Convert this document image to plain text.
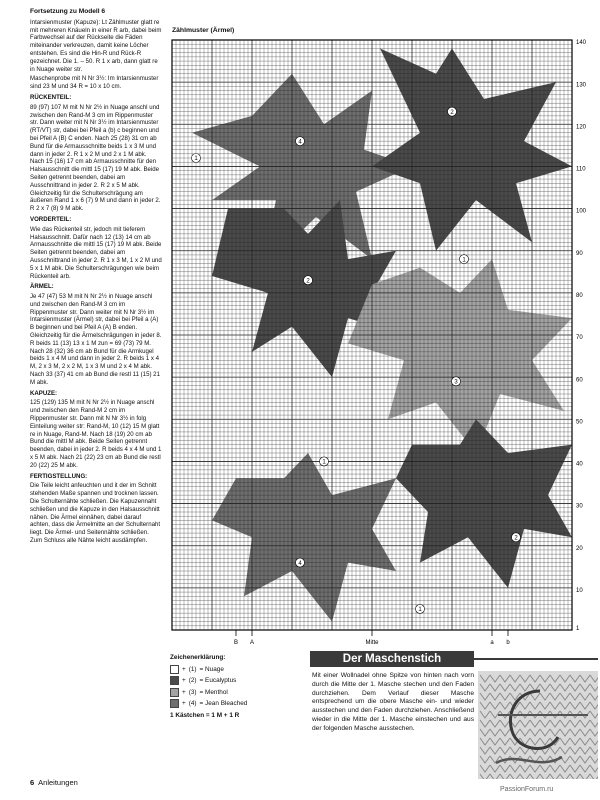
Fortsetzung zu Modell 6

Intarsienmuster (Kapuze): Lt Zählmuster glatt re mit mehreren Knäueln in einer R arb, dabei beim Farbwechsel auf der Rückseite die Fäden miteinander verkreuzen, damit keine Löcher entstehen. Es sind die Hin-R und Rück-R gezeichnet. Die 1. – 50. R 1 x arb, dann glatt re in Nuage weiter str.

Maschenprobe mit N Nr 3½: Im Intarsienmuster sind 23 M und 34 R = 10 x 10 cm.

RÜCKENTEIL:

89 (97) 107 M mit N Nr 2½ in Nuage anschl und zwischen den Rand-M 3 cm im Rippenmuster str. Dann weiter mit N Nr 3½ im Intarsienmuster (RT/VT) str, dabei bei Pfeil a (b) c beginnen und bei Pfeil A (B) C enden. Nach 25 (28) 31 cm ab Bund für die Armausschnitte beids 1 x 3 M und dann in jeder 2. R 1 x 2 M und 2 x 1 M abk. Nach 15 (16) 17 cm ab Armausschnitte für den Halsausschnitt die mittl 15 (17) 19 M abk. Beide Seiten getrennt beenden, dabei am Ausschnittrand in jeder 2. R 2 x 5 M abk. Gleichzeitig für die Schulterschrägung am äußeren Rand 1 x 6 (7) 9 M und dann in jeder 2. R 2 x 7 (8) 9 M abk.

VORDERTEIL:

Wie das Rückenteil str, jedoch mit tieferem Halsausschnitt. Dafür nach 12 (13) 14 cm ab Armausschnitte die mittl 15 (17) 19 M abk. Beide Seiten getrennt beenden, dabei am Ausschnittrand in jeder 2. R 1 x 3 M, 1 x 2 M und 5 x 1 M abk. Die Schulterschrägungen wie beim Rückenteil arb.

ÄRMEL:

Je 47 (47) 53 M mit N Nr 2½ in Nuage anschl und zwischen den Rand-M 3 cm im Rippenmuster str. Dann weiter mit N Nr 3½ im Intarsienmuster (Ärmel) str, dabei bei Pfeil a (A) B beginnen und bei Pfeil A (A) B enden. Gleichzeitig für die Ärmelschrägungen in jeder 8. R beids 11 (13) 13 x 1 M zun = 69 (73) 79 M. Nach 28 (32) 36 cm ab Bund für die Armkugel beids 1 x 4 M und dann in jeder 2. R beids 1 x 4 M, 2 x 3 M, 2 x 2 M, 1 x 3 M und 2 x 4 M abk. Nach 33 (37) 41 cm ab Bund die restl 11 (15) 21 M abk.

KAPUZE:

125 (129) 135 M mit N Nr 2½ in Nuage anschl und zwischen den Rand-M 2 cm im Rippenmuster str. Dann mit N Nr 3½ in folg Einteilung weiter str: Rand-M, 10 (12) 15 M glatt re in Nuage, Rand-M. Nach 18 (19) 20 cm ab Bund die mittl M abk. Beide Seiten getrennt beenden, dabei in jeder 2. R beids 4 x 4 M und 1 x 5 M abk. Nach 21 (22) 23 cm ab Bund die restl 20 (22) 25 M abk.

FERTIGSTELLUNG:

Die Teile leicht anfeuchten und it der im Schnitt stehenden Maße spannen und trocknen lassen. Die Schulternähte schließen. Die Kapuzennaht schließen und die Kapuze in den Halsausschnitt nähen. Die Ärmel einnähen, dabei darauf achten, dass die Ärmelmitte an der Schulternaht liegt. Die Ärmel- und Seitennähte schließen. Zum Schluss alle Nähte leicht ausdämpfen.

Zählmuster (Ärmel)
1
10
20
30
40
50
60
70
80
90
100
110
120
130
140
B A	Mitte	a b
1
4
2
1
2
3
1
2
4
1
Zeichenerklärung:
+ (1) = Nuage
+ (2) = Eucalyptus
+ (3) = Menthol
+ (4) = Jean Bleached
1 Kästchen = 1 M + 1 R
Der Maschenstich
Mit einer Wollnadel ohne Spitze von hinten nach vorn durch die Mitte der 1. Masche stechen und den Faden durchziehen. Dem Verlauf dieser Masche entsprechend um die obere Masche ein- und wieder ausstechen und den Faden durchziehen. Anschließend wieder in die Mitte der 1. Masche einstechen und aus der folgenden Masche ausstechen.
6 Anleitungen
PassionForum.ru
